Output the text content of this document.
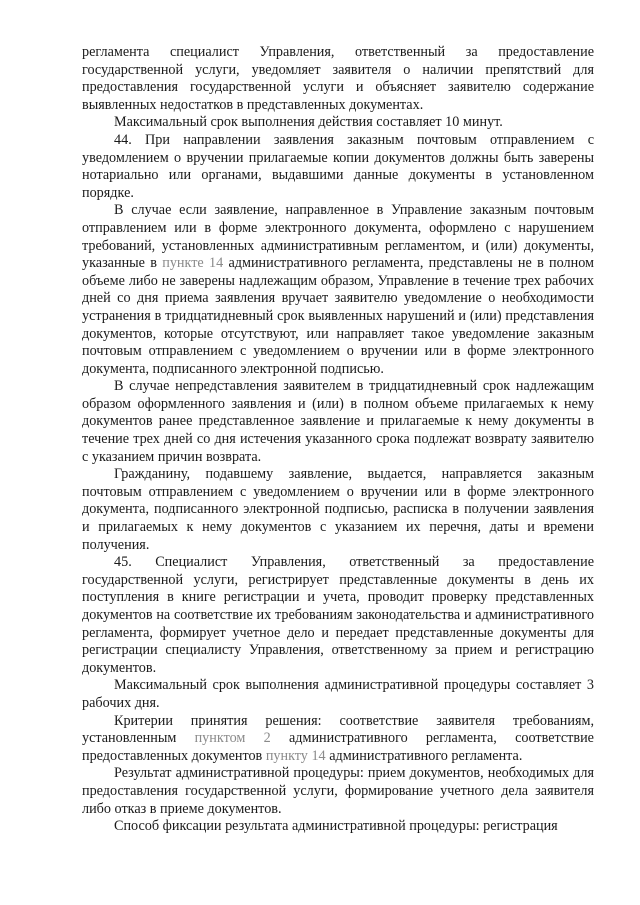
регламента специалист Управления, ответственный за предоставление государственной услуги, уведомляет заявителя о наличии препятствий для предоставления государственной услуги и объясняет заявителю содержание выявленных недостатков в представленных документах.

Максимальный срок выполнения действия составляет 10 минут.

44. При направлении заявления заказным почтовым отправлением с уведомлением о вручении прилагаемые копии документов должны быть заверены нотариально или органами, выдавшими данные документы в установленном порядке.

В случае если заявление, направленное в Управление заказным почтовым отправлением или в форме электронного документа, оформлено с нарушением требований, установленных административным регламентом, и (или) документы, указанные в пункте 14 административного регламента, представлены не в полном объеме либо не заверены надлежащим образом, Управление в течение трех рабочих дней со дня приема заявления вручает заявителю уведомление о необходимости устранения в тридцатидневный срок выявленных нарушений и (или) представления документов, которые отсутствуют, или направляет такое уведомление заказным почтовым отправлением с уведомлением о вручении или в форме электронного документа, подписанного электронной подписью.

В случае непредставления заявителем в тридцатидневный срок надлежащим образом оформленного заявления и (или) в полном объеме прилагаемых к нему документов ранее представленное заявление и прилагаемые к нему документы в течение трех дней со дня истечения указанного срока подлежат возврату заявителю с указанием причин возврата.

Гражданину, подавшему заявление, выдается, направляется заказным почтовым отправлением с уведомлением о вручении или в форме электронного документа, подписанного электронной подписью, расписка в получении заявления и прилагаемых к нему документов с указанием их перечня, даты и времени получения.

45. Специалист Управления, ответственный за предоставление государственной услуги, регистрирует представленные документы в день их поступления в книге регистрации и учета, проводит проверку представленных документов на соответствие их требованиям законодательства и административного регламента, формирует учетное дело и передает представленные документы для регистрации специалисту Управления, ответственному за прием и регистрацию документов.

Максимальный срок выполнения административной процедуры составляет 3 рабочих дня.

Критерии принятия решения: соответствие заявителя требованиям, установленным пунктом 2 административного регламента, соответствие предоставленных документов пункту 14 административного регламента.

Результат административной процедуры: прием документов, необходимых для предоставления государственной услуги, формирование учетного дела заявителя либо отказ в приеме документов.

Способ фиксации результата административной процедуры: регистрация
